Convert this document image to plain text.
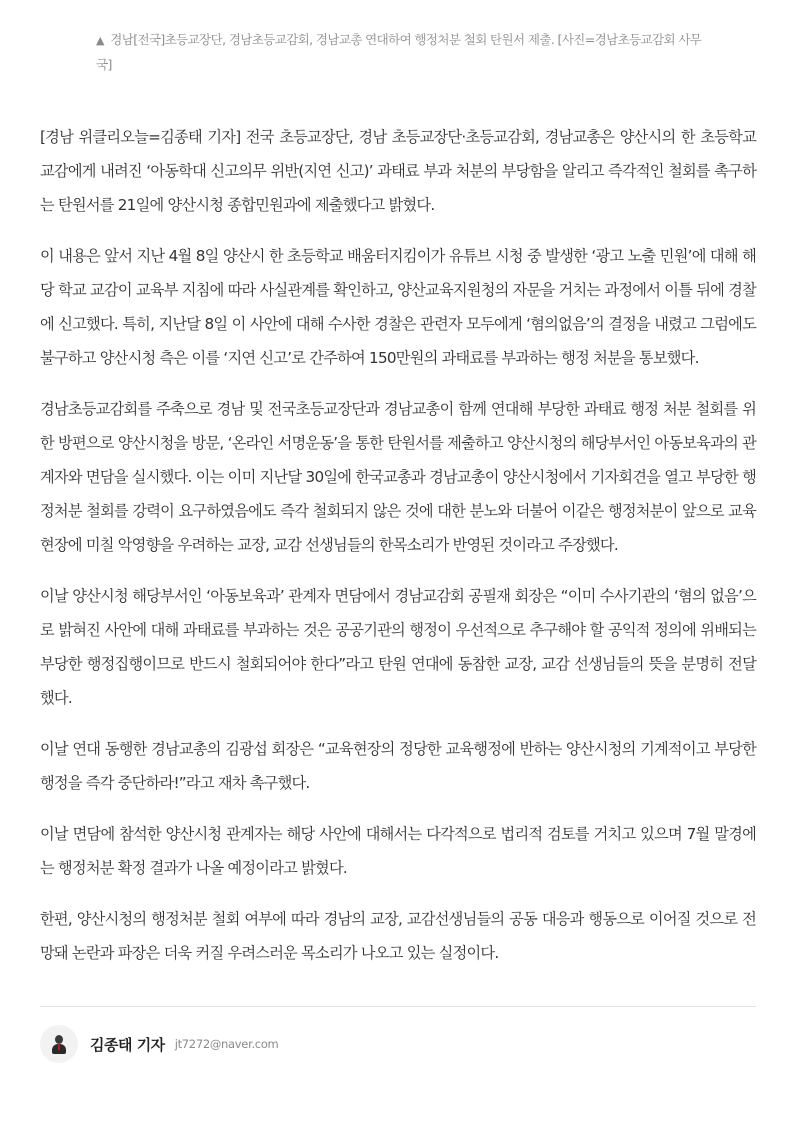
▲ 경남[전국]초등교장단, 경남초등교감회, 경남교총 연대하여 행정처분 철회 탄원서 제출. [사진=경남초등교감회 사무국]

[경남 위클리오늘=김종태 기자] 전국 초등교장단, 경남 초등교장단·초등교감회, 경남교총은 양산시의 한 초등학교 교감에게 내려진 ‘아동학대 신고의무 위반(지연 신고)’ 과태료 부과 처분의 부당함을 알리고 즉각적인 철회를 촉구하는 탄원서를 21일에 양산시청 종합민원과에 제출했다고 밝혔다.

이 내용은 앞서 지난 4월 8일 양산시 한 초등학교 배움터지킴이가 유튜브 시청 중 발생한 ‘광고 노출 민원’에 대해 해당 학교 교감이 교육부 지침에 따라 사실관계를 확인하고, 양산교육지원청의 자문을 거치는 과정에서 이틀 뒤에 경찰에 신고했다. 특히, 지난달 8일 이 사안에 대해 수사한 경찰은 관련자 모두에게 ‘혐의없음’의 결정을 내렸고 그럼에도 불구하고 양산시청 측은 이를 ‘지연 신고’로 간주하여 150만원의 과태료를 부과하는 행정 처분을 통보했다.

경남초등교감회를 주축으로 경남 및 전국초등교장단과 경남교총이 함께 연대해 부당한 과태료 행정 처분 철회를 위한 방편으로 양산시청을 방문, ‘온라인 서명운동’을 통한 탄원서를 제출하고 양산시청의 해당부서인 아동보육과의 관계자와 면담을 실시했다. 이는 이미 지난달 30일에 한국교총과 경남교총이 양산시청에서 기자회견을 열고 부당한 행정처분 철회를 강력이 요구하였음에도 즉각 철회되지 않은 것에 대한 분노와 더불어 이같은 행정처분이 앞으로 교육현장에 미칠 악영향을 우려하는 교장, 교감 선생님들의 한목소리가 반영된 것이라고 주장했다.

이날 양산시청 해당부서인 ‘아동보육과’ 관계자 면담에서 경남교감회 공필재 회장은 “이미 수사기관의 ‘혐의 없음’으로 밝혀진 사안에 대해 과태료를 부과하는 것은 공공기관의 행정이 우선적으로 추구해야 할 공익적 정의에 위배되는 부당한 행정집행이므로 반드시 철회되어야 한다”라고 탄원 연대에 동참한 교장, 교감 선생님들의 뜻을 분명히 전달했다.

이날 연대 동행한 경남교총의 김광섭 회장은 “교육현장의 정당한 교육행정에 반하는 양산시청의 기계적이고 부당한 행정을 즉각 중단하라!”라고 재차 촉구했다.

이날 면담에 참석한 양산시청 관계자는 해당 사안에 대해서는 다각적으로 법리적 검토를 거치고 있으며 7월 말경에는 행정처분 확정 결과가 나올 예정이라고 밝혔다.

한편, 양산시청의 행정처분 철회 여부에 따라 경남의 교장, 교감선생님들의 공동 대응과 행동으로 이어질 것으로 전망돼 논란과 파장은 더욱 커질 우려스러운 목소리가 나오고 있는 실정이다.

김종태 기자 jt7272@naver.com
